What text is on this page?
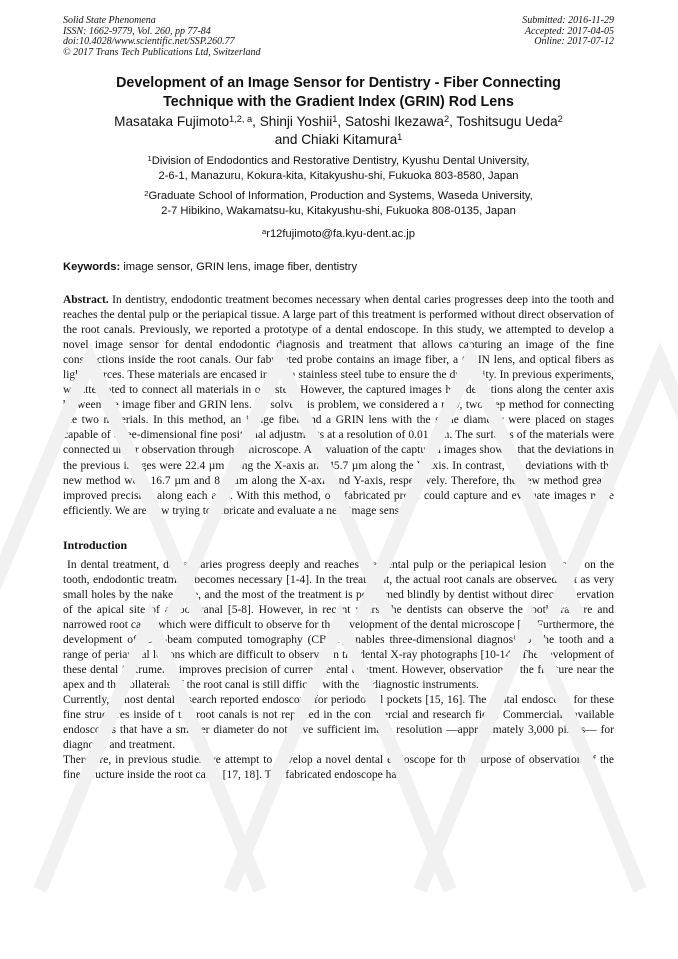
Solid State Phenomena
ISSN: 1662-9779, Vol. 260, pp 77-84
doi:10.4028/www.scientific.net/SSP.260.77
© 2017 Trans Tech Publications Ltd, Switzerland
Submitted: 2016-11-29
Accepted: 2017-04-05
Online: 2017-07-12
Development of an Image Sensor for Dentistry - Fiber Connecting
Technique with the Gradient Index (GRIN) Rod Lens
Masataka Fujimoto$^{1,2, a}$, Shinji Yoshii$^1$, Satoshi Ikezawa$^2$, Toshitsugu Ueda$^2$
and Chiaki Kitamura$^1$
$^1$Division of Endodontics and Restorative Dentistry, Kyushu Dental University,
2-6-1, Manazuru, Kokura-kita, Kitakyushu-shi, Fukuoka 803-8580, Japan
$^2$Graduate School of Information, Production and Systems, Waseda University,
2-7 Hibikino, Wakamatsu-ku, Kitakyushu-shi, Fukuoka 808-0135, Japan
$^a$r12fujimoto@fa.kyu-dent.ac.jp
Keywords: image sensor, GRIN lens, image fiber, dentistry
Abstract. In dentistry, endodontic treatment becomes necessary when dental caries progresses deep into the tooth and reaches the dental pulp or the periapical tissue. A large part of this treatment is performed without direct observation of the root canals. Previously, we reported a prototype of a dental endoscope. In this study, we attempted to develop a novel image sensor for dental endodontic diagnosis and treatment that allows capturing an image of the fine constructions inside the root canals. Our fabricated probe contains an image fiber, a GRIN lens, and optical fibers as light sources. These materials are encased inside a stainless steel tube to ensure the durability. In previous experiments, we attempted to connect all materials in one step. However, the captured images had deviations along the center axis between the image fiber and GRIN lens. To solve this problem, we considered a new, two-step method for connecting the two materials. In this method, an image fiber and a GRIN lens with the same diameter were placed on stages capable of three-dimensional fine positional adjustments at a resolution of 0.01 mm. The surfaces of the materials were connected under observation through a microscope. An evaluation of the captured images showed that the deviations in the previous images were 22.4 µm along the X-axis and 45.7 µm along the Y-axis. In contrast, the deviations with the new method were 16.7 µm and 8.9 µm along the X-axis and Y-axis, respectively. Therefore, the new method greatly improved precision along each axis. With this method, our fabricated probe could capture and evaluate images more efficiently. We are now trying to fabricate and evaluate a new image sensor.
Introduction
In dental treatment, dental caries progress deeply and reaches the dental pulp or the periapical lesion occurs on the tooth, endodontic treatment becomes necessary [1-4]. In the treatment, the actual root canals are observed just as very small holes by the naked eye, and the most of the treatment is performed blindly by dentist without direct observation of the apical site of a root canal [5-8]. However, in recent years, the dentists can observe the tooth fracture and narrowed root canal which were difficult to observe for the development of the dental microscope [9]. Furthermore, the development of cone-beam computed tomography (CBCT) enables three-dimensional diagnosis of the tooth and a range of periapical lesions which are difficult to observe on the dental X-ray photographs [10-14]. The development of these dental instruments improves precision of current dental treatment. However, observation of the fracture near the apex and the collaterals of the root canal is still difficult with these diagnostic instruments.
Currently, almost dental research reported endoscope for periodontal pockets [15, 16]. The dental endoscope for these fine structures inside of the root canals is not reported in the commercial and research field. Commercially available endoscopes that have a smaller diameter do not have sufficient image resolution —approximately 3,000 pixels— for diagnosis and treatment.
Therefore, in previous studies we attempt to develop a novel dental endoscope for the purpose of observation of the fine structure inside the root canal [17, 18]. The fabricated endoscope had
